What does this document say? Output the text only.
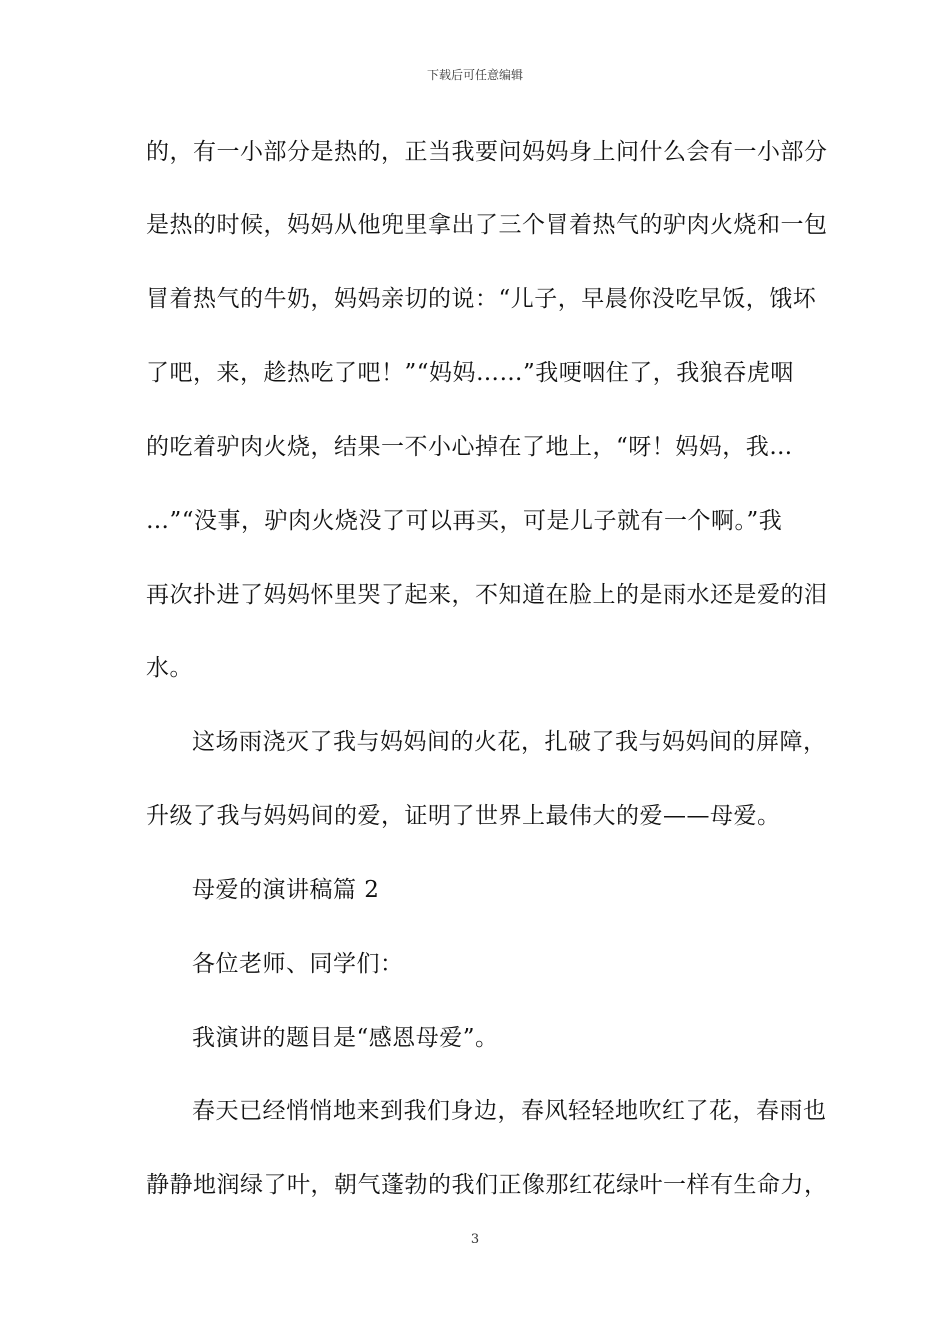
下载后可任意编辑
的，有一小部分是热的，正当我要问妈妈身上问什么会有一小部分
是热的时候，妈妈从他兜里拿出了三个冒着热气的驴肉火烧和一包
冒着热气的牛奶，妈妈亲切的说：“儿子，早晨你没吃早饭，饿坏
了吧，来，趁热吃了吧！”“妈妈……”我哽咽住了，我狼吞虎咽
的吃着驴肉火烧，结果一不小心掉在了地上，“呀！妈妈，我…
…”“没事，驴肉火烧没了可以再买，可是儿子就有一个啊。”我
再次扑进了妈妈怀里哭了起来，不知道在脸上的是雨水还是爱的泪
水。
这场雨浇灭了我与妈妈间的火花，扎破了我与妈妈间的屏障，
升级了我与妈妈间的爱，证明了世界上最伟大的爱——母爱。
母爱的演讲稿篇 2
各位老师、同学们：
我演讲的题目是“感恩母爱”。
春天已经悄悄地来到我们身边，春风轻轻地吹红了花，春雨也
静静地润绿了叶，朝气蓬勃的我们正像那红花绿叶一样有生命力，
3
